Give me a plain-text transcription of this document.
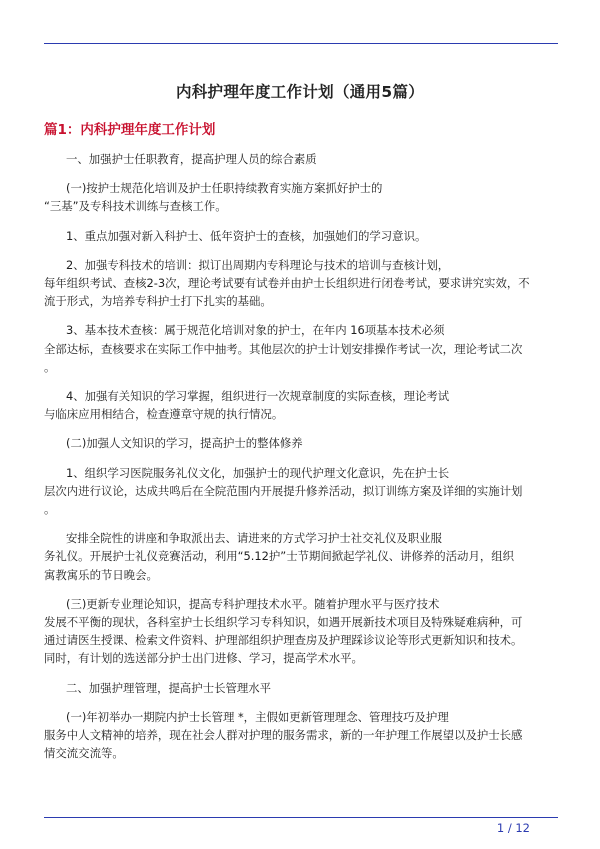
内科护理年度工作计划（通用5篇）
篇1：内科护理年度工作计划

一、加强护士任职教育，提高护理人员的综合素质

(一)按护士规范化培训及护士任职持续教育实施方案抓好护士的
“三基”及专科技术训练与查核工作。

1、重点加强对新入科护士、低年资护士的查核，加强她们的学习意识。

2、加强专科技术的培训：拟订出周期内专科理论与技术的培训与查核计划，
每年组织考试、查核2-3次，理论考试要有试卷并由护士长组织进行闭卷考试，要求讲究实效，不
流于形式，为培养专科护士打下扎实的基础。

3、基本技术查核：属于规范化培训对象的护士，在年内 16项基本技术必须
全部达标，查核要求在实际工作中抽考。其他层次的护士计划安排操作考试一次，理论考试二次
。

4、加强有关知识的学习掌握，组织进行一次规章制度的实际查核，理论考试
与临床应用相结合，检查遵章守规的执行情况。

(二)加强人文知识的学习，提高护士的整体修养

1、组织学习医院服务礼仪文化，加强护士的现代护理文化意识，先在护士长
层次内进行议论，达成共鸣后在全院范围内开展提升修养活动，拟订训练方案及详细的实施计划
。

安排全院性的讲座和争取派出去、请进来的方式学习护士社交礼仪及职业服
务礼仪。开展护士礼仪竞赛活动，利用“5.12护”士节期间掀起学礼仪、讲修养的活动月，组织
寓教寓乐的节日晚会。

(三)更新专业理论知识，提高专科护理技术水平。随着护理水平与医疗技术
发展不平衡的现状，各科室护士长组织学习专科知识，如遇开展新技术项目及特殊疑难病种，可
通过请医生授课、检索文件资料、护理部组织护理查房及护理踩诊议论等形式更新知识和技术。
同时，有计划的选送部分护士出门进修、学习，提高学术水平。

二、加强护理管理，提高护士长管理水平

(一)年初举办一期院内护士长管理 *，主假如更新管理理念、管理技巧及护理
服务中人文精神的培养，现在社会人群对护理的服务需求，新的一年护理工作展望以及护士长感
情交流交流等。

1 / 12
